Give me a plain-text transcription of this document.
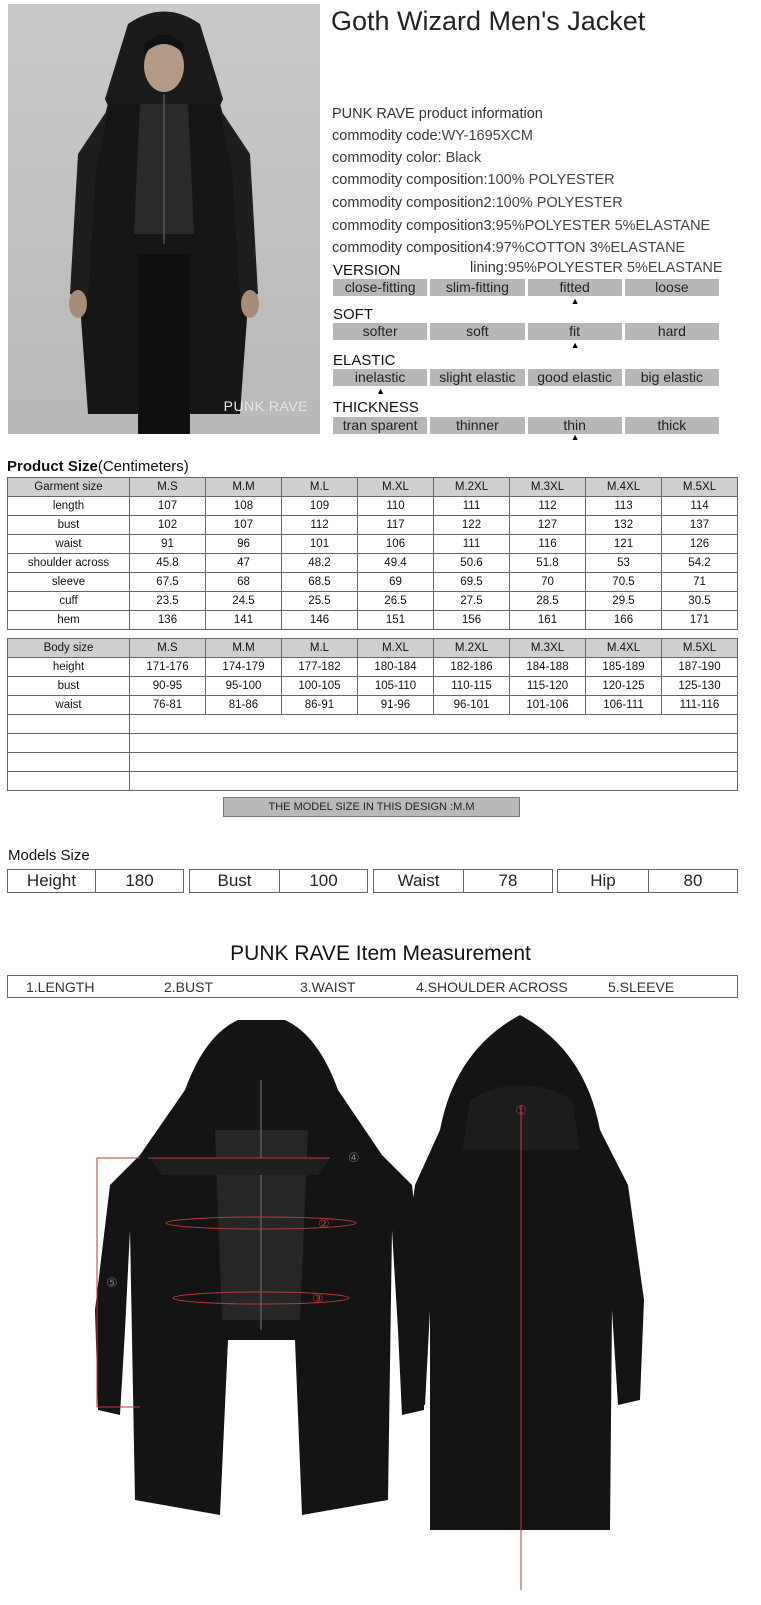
PUNK RAVE
Goth Wizard Men's Jacket
PUNK RAVE product information
commodity code:WY-1695XCM
commodity color: Black
commodity composition:100% POLYESTER
commodity composition2:100% POLYESTER
commodity composition3:95%POLYESTER 5%ELASTANE
commodity composition4:97%COTTON 3%ELASTANE
lining:95%POLYESTER 5%ELASTANE
VERSION
close-fitting	slim-fitting	fitted	loose
▲
SOFT
softer	soft	fit	hard
▲
ELASTIC
inelastic	slight elastic	good elastic	big elastic
▲
THICKNESS
tran sparent	thinner	thin	thick
▲
Product Size(Centimeters)
Garment size	M.S	M.M	M.L	M.XL	M.2XL	M.3XL	M.4XL	M.5XL
length	107	108	109	110	111	112	113	114
bust	102	107	112	117	122	127	132	137
waist	91	96	101	106	111	116	121	126
shoulder across	45.8	47	48.2	49.4	50.6	51.8	53	54.2
sleeve	67.5	68	68.5	69	69.5	70	70.5	71
cuff	23.5	24.5	25.5	26.5	27.5	28.5	29.5	30.5
hem	136	141	146	151	156	161	166	171
Body size	M.S	M.M	M.L	M.XL	M.2XL	M.3XL	M.4XL	M.5XL
height	171-176	174-179	177-182	180-184	182-186	184-188	185-189	187-190
bust	90-95	95-100	100-105	105-110	110-115	115-120	120-125	125-130
waist	76-81	81-86	86-91	91-96	96-101	101-106	106-111	111-116

THE MODEL SIZE IN THIS DESIGN :M.M
Models Size
Height	180	Bust	100	Waist	78	Hip	80
PUNK RAVE Item Measurement
1.LENGTH	2.BUST	3.WAIST	4.SHOULDER ACROSS	5.SLEEVE
①
②
③
④
⑤
